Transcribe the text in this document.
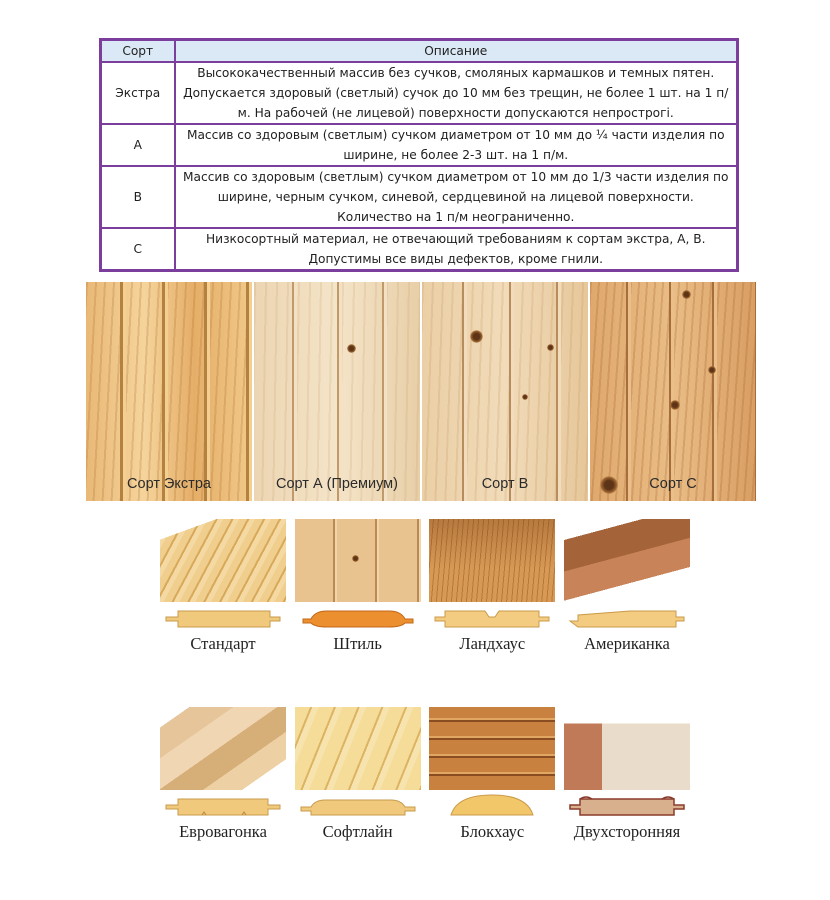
Сорт	Описание
Экстра	Высококачественный массив без сучков, смоляных кармашков и темных пятен. Допускается здоровый (светлый) сучок до 10 мм без трещин, не более 1 шт. на 1 п/м. На рабочей (не лицевой) поверхности допускаются непрострогi.
A	Массив со здоровым (светлым) сучком диаметром от 10 мм до ¼ части изделия по ширине, не более 2-3 шт. на 1 п/м.
B	Массив со здоровым (светлым) сучком диаметром от 10 мм до 1/3 части изделия по ширине, черным сучком, синевой, сердцевиной на лицевой поверхности. Количество на 1 п/м неограниченно.
C	Низкосортный материал, не отвечающий требованиям к сортам экстра, A, B. Допустимы все виды дефектов, кроме гнили.
Сорт Экстра	Сорт А (Премиум)	Сорт В	Сорт С
Стандарт	Штиль	Ландхаус	Американка
Евровагонка	Софтлайн	Блокхаус	Двухсторонняя
